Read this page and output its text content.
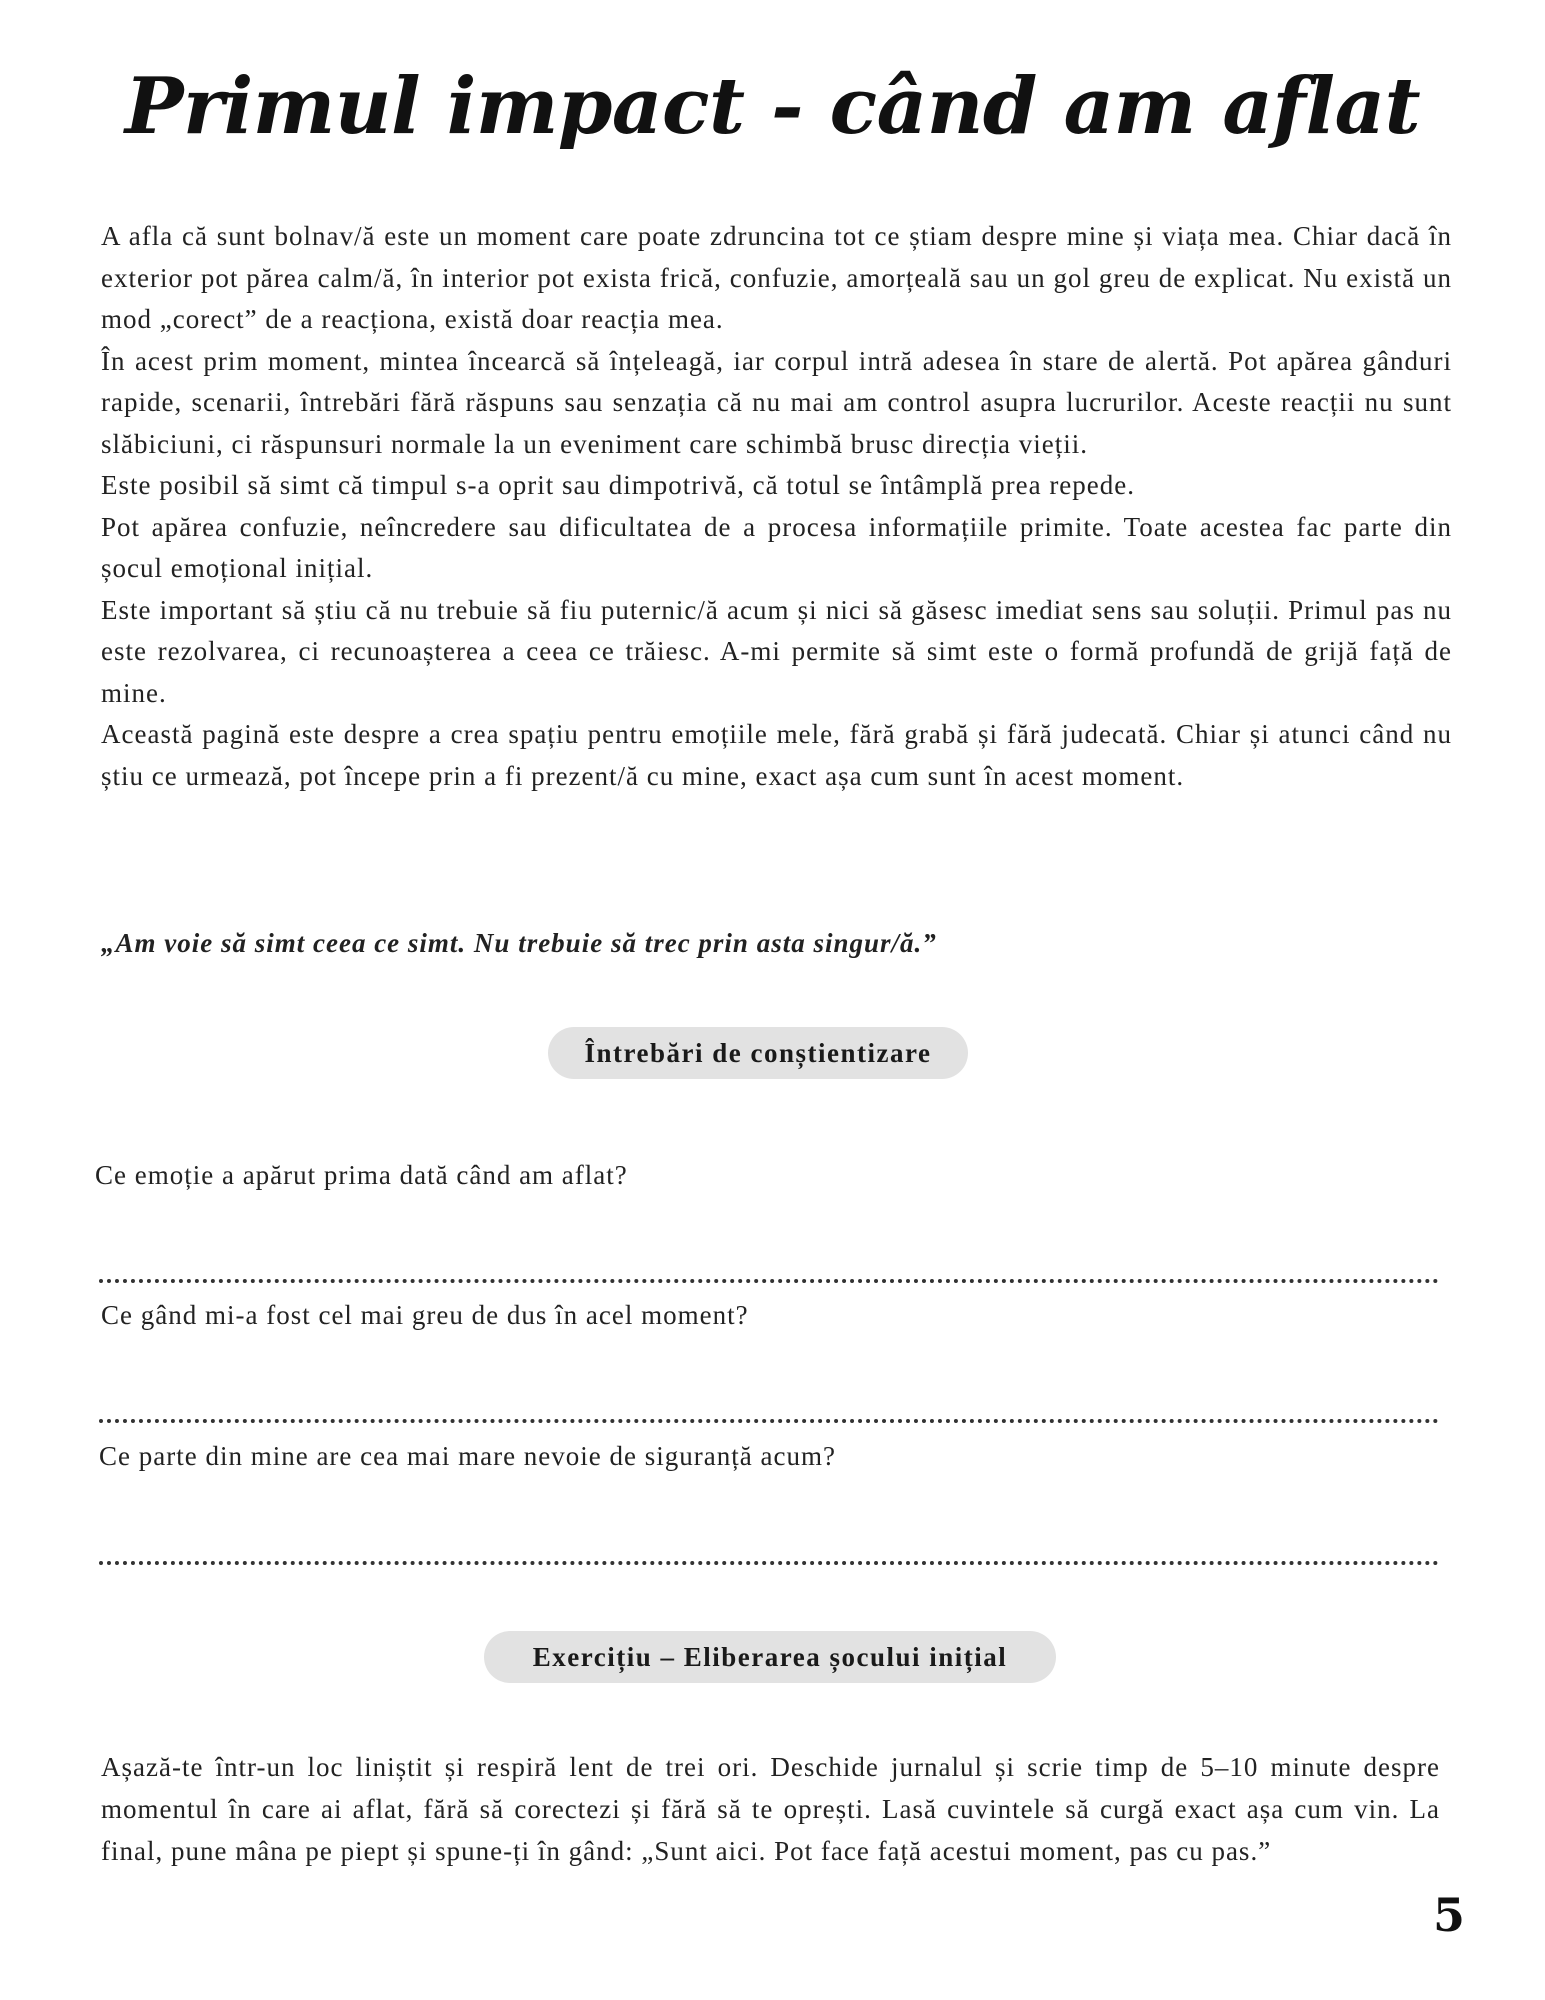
Primul impact - când am aflat

A afla că sunt bolnav/ă este un moment care poate zdruncina tot ce știam despre mine și viața mea. Chiar dacă în exterior pot părea calm/ă, în interior pot exista frică, confuzie, amorțeală sau un gol greu de explicat. Nu există un mod „corect” de a reacționa, există doar reacția mea.

În acest prim moment, mintea încearcă să înțeleagă, iar corpul intră adesea în stare de alertă. Pot apărea gânduri rapide, scenarii, întrebări fără răspuns sau senzația că nu mai am control asupra lucrurilor. Aceste reacții nu sunt slăbiciuni, ci răspunsuri normale la un eveniment care schimbă brusc direcția vieții.

Este posibil să simt că timpul s-a oprit sau dimpotrivă, că totul se întâmplă prea repede.

Pot apărea confuzie, neîncredere sau dificultatea de a procesa informațiile primite. Toate acestea fac parte din șocul emoțional inițial.

Este important să știu că nu trebuie să fiu puternic/ă acum și nici să găsesc imediat sens sau soluții. Primul pas nu este rezolvarea, ci recunoașterea a ceea ce trăiesc. A-mi permite să simt este o formă profundă de grijă față de mine.

Această pagină este despre a crea spațiu pentru emoțiile mele, fără grabă și fără judecată. Chiar și atunci când nu știu ce urmează, pot începe prin a fi prezent/ă cu mine, exact așa cum sunt în acest moment.

„Am voie să simt ceea ce simt. Nu trebuie să trec prin asta singur/ă.”
Întrebări de conștientizare
Ce emoție a apărut prima dată când am aflat?
Ce gând mi-a fost cel mai greu de dus în acel moment?
Ce parte din mine are cea mai mare nevoie de siguranță acum?
Exercițiu – Eliberarea șocului inițial
Așază-te într-un loc liniștit și respiră lent de trei ori. Deschide jurnalul și scrie timp de 5–10 minute despre momentul în care ai aflat, fără să corectezi și fără să te oprești. Lasă cuvintele să curgă exact așa cum vin. La final, pune mâna pe piept și spune-ți în gând: „Sunt aici. Pot face față acestui moment, pas cu pas.”
5
